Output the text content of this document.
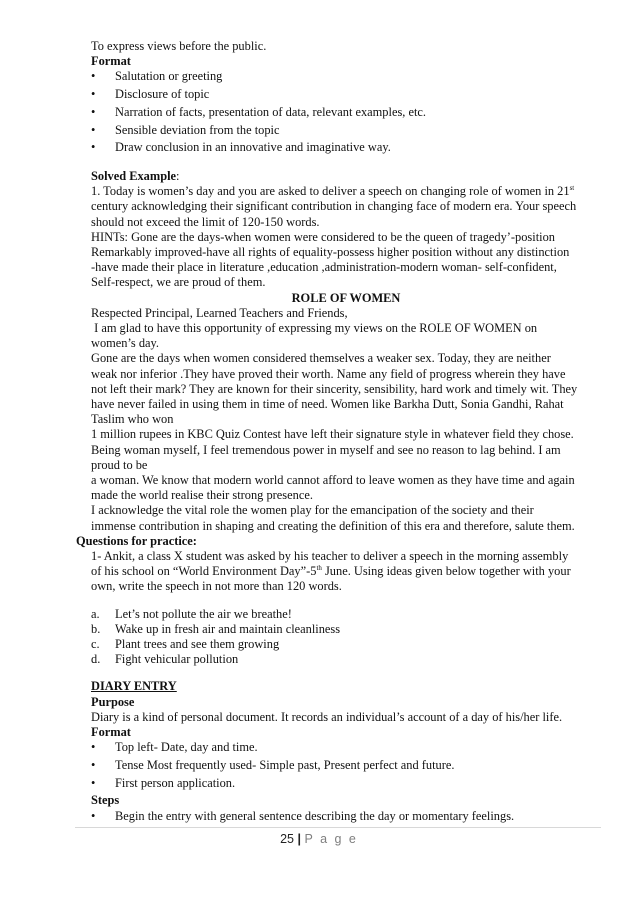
To express views before the public.
Format
• Salutation or greeting
• Disclosure of topic
• Narration of facts, presentation of data, relevant examples, etc.
• Sensible deviation from the topic
• Draw conclusion in an innovative and imaginative way.
Solved Example:
1. Today is women’s day and you are asked to deliver a speech on changing role of women in 21st
century acknowledging their significant contribution in changing face of modern era. Your speech
should not exceed the limit of 120-150 words.
HINTs: Gone are the days-when women were considered to be the queen of tragedy’-position
Remarkably improved-have all rights of equality-possess higher position without any distinction
-have made their place in literature ,education ,administration-modern woman- self-confident,
Self-respect, we are proud of them.
ROLE OF WOMEN
Respected Principal, Learned Teachers and Friends,
I am glad to have this opportunity of expressing my views on the ROLE OF WOMEN on
women’s day.
Gone are the days when women considered themselves a weaker sex. Today, they are neither
weak nor inferior .They have proved their worth. Name any field of progress wherein they have
not left their mark? They are known for their sincerity, sensibility, hard work and timely wit. They
have never failed in using them in time of need. Women like Barkha Dutt, Sonia Gandhi, Rahat
Taslim who won
1 million rupees in KBC Quiz Contest have left their signature style in whatever field they chose.
Being woman myself, I feel tremendous power in myself and see no reason to lag behind. I am
proud to be
a woman. We know that modern world cannot afford to leave women as they have time and again
made the world realise their strong presence.
I acknowledge the vital role the women play for the emancipation of the society and their
immense contribution in shaping and creating the definition of this era and therefore, salute them.
Questions for practice:
1- Ankit, a class X student was asked by his teacher to deliver a speech in the morning assembly
of his school on “World Environment Day”-5th June. Using ideas given below together with your
own, write the speech in not more than 120 words.
a. Let’s not pollute the air we breathe!
b. Wake up in fresh air and maintain cleanliness
c. Plant trees and see them growing
d. Fight vehicular pollution
DIARY ENTRY
Purpose
Diary is a kind of personal document. It records an individual’s account of a day of his/her life.
Format
• Top left- Date, day and time.
• Tense Most frequently used- Simple past, Present perfect and future.
• First person application.
Steps
• Begin the entry with general sentence describing the day or momentary feelings.
25 | P a g e
